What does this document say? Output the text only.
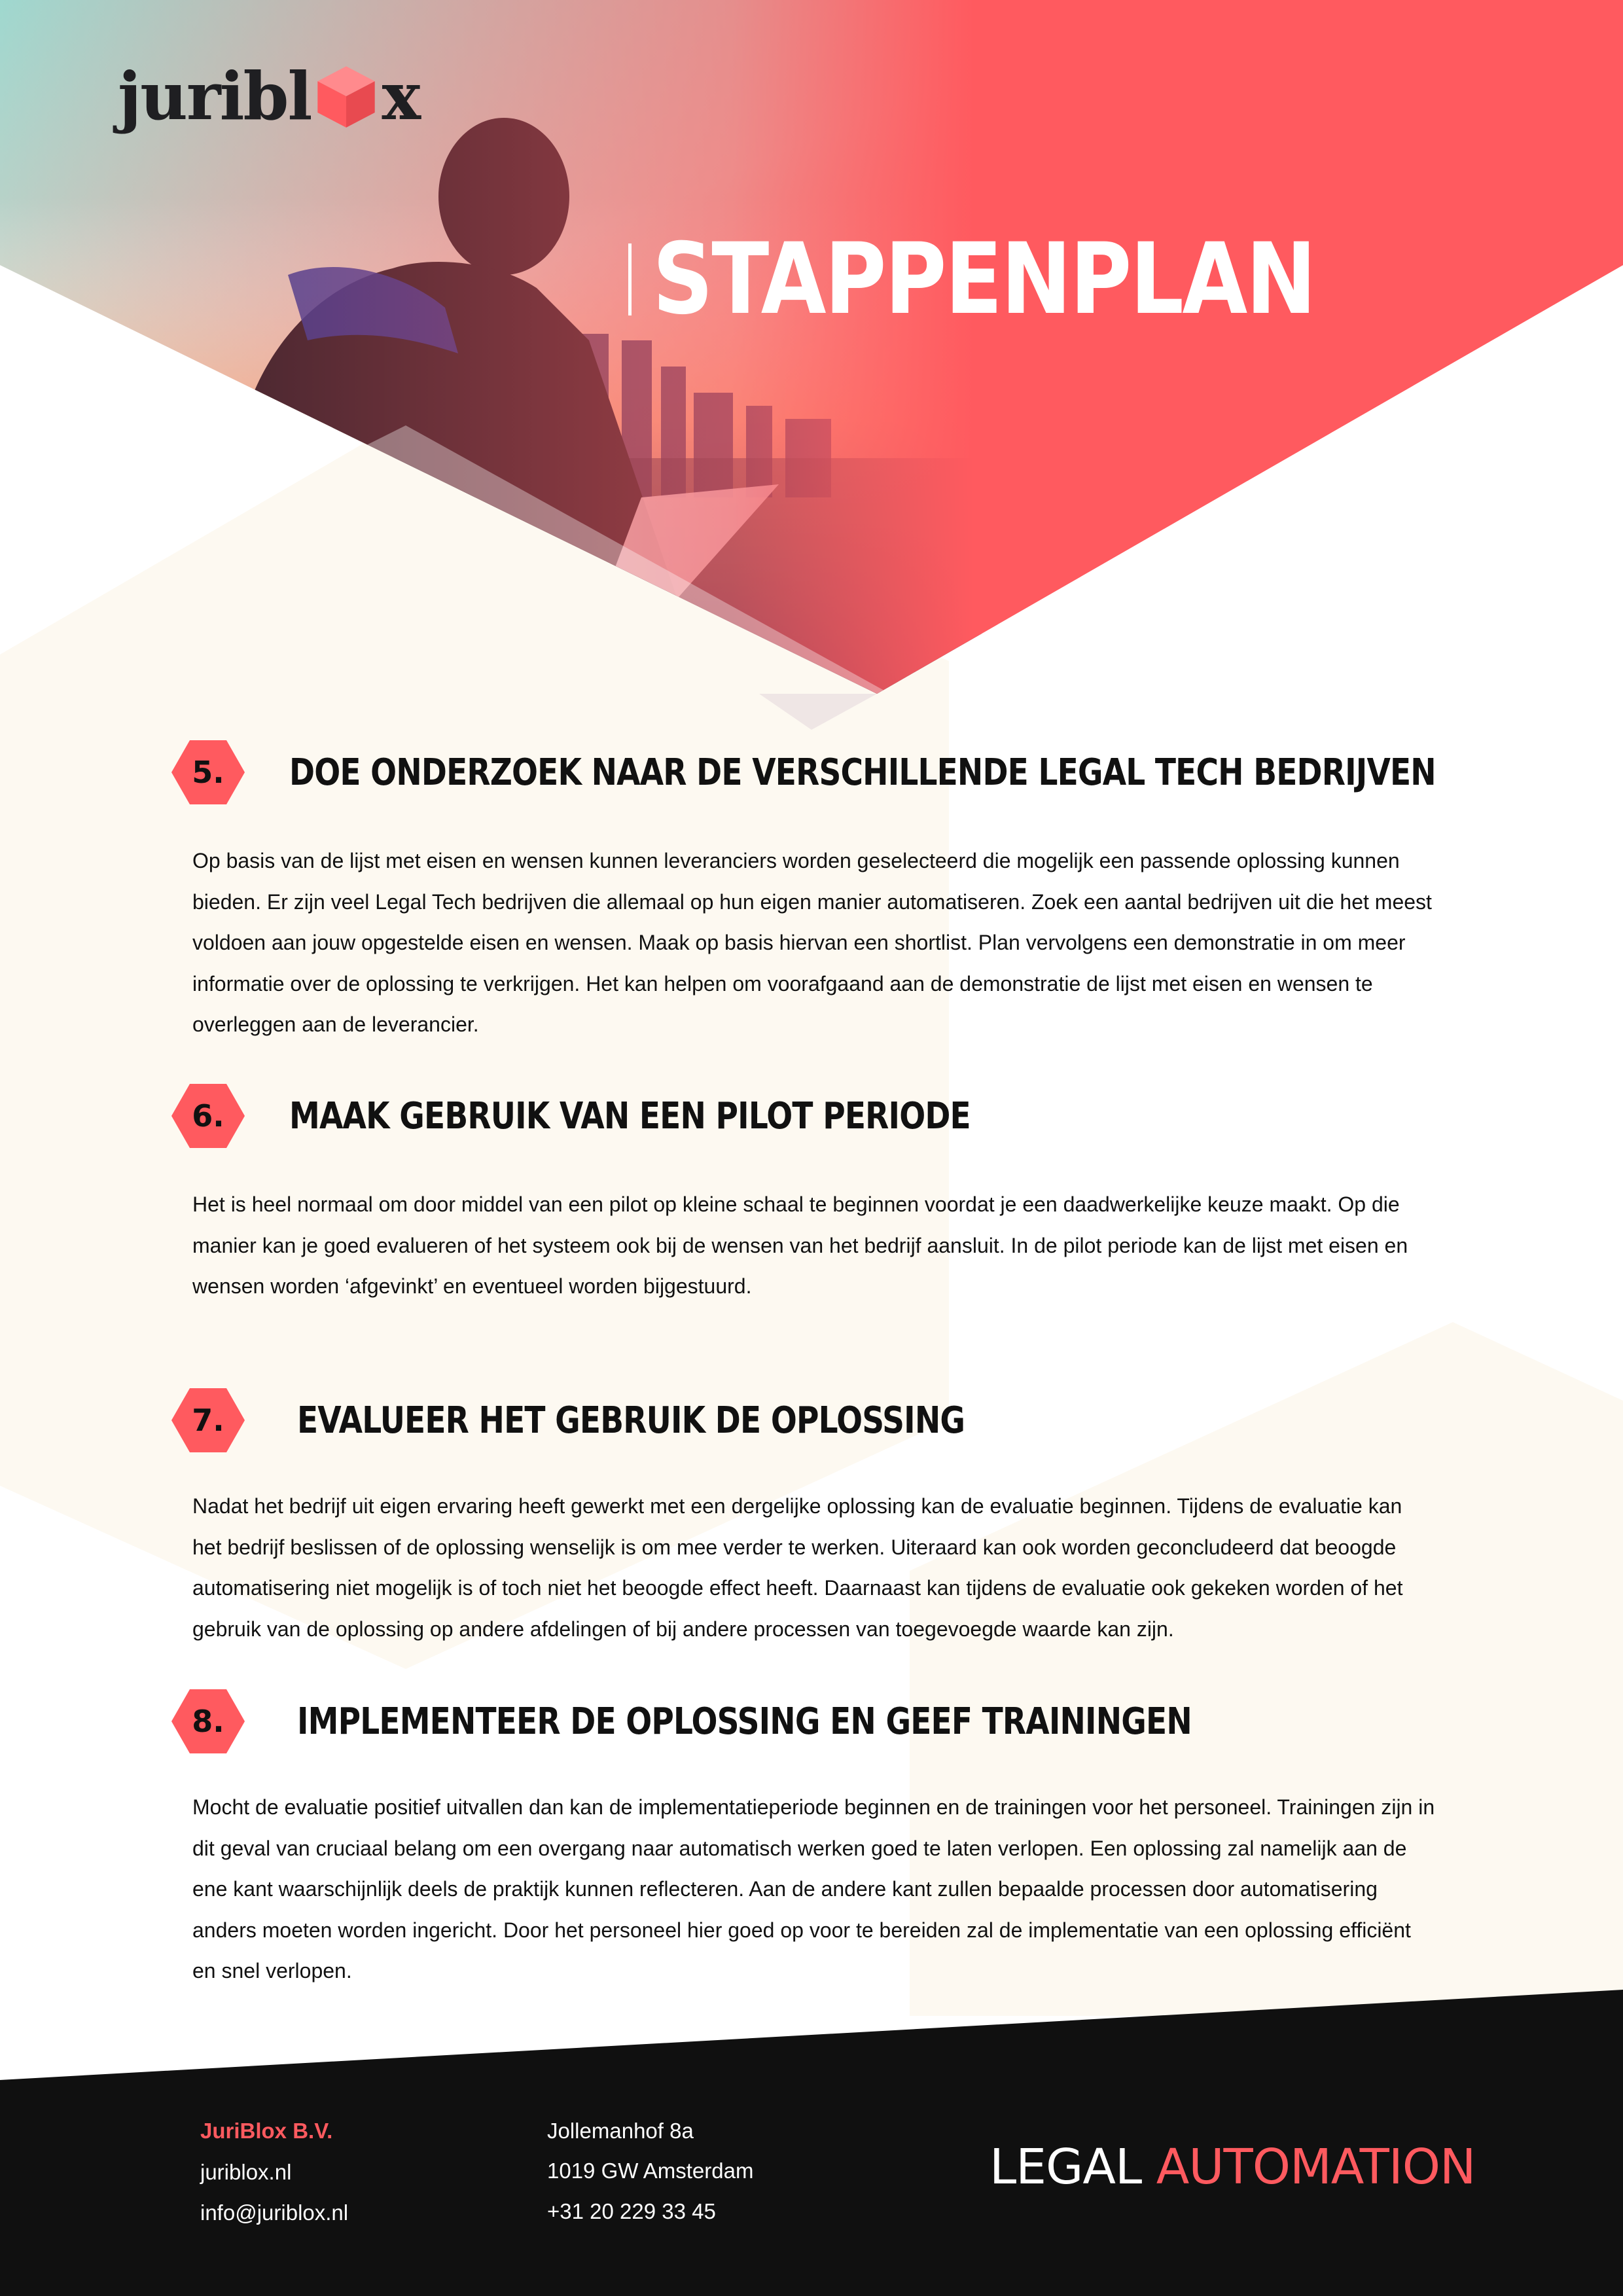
jurib l x
STAPPENPLAN
5. DOE ONDERZOEK NAAR DE VERSCHILLENDE LEGAL TECH BEDRIJVEN
Op basis van de lijst met eisen en wensen kunnen leveranciers worden geselecteerd die mogelijk een passende oplossing kunnen bieden. Er zijn veel Legal Tech bedrijven die allemaal op hun eigen manier automatiseren. Zoek een aantal bedrijven uit die het meest voldoen aan jouw opgestelde eisen en wensen. Maak op basis hiervan een shortlist. Plan vervolgens een demonstratie in om meer informatie over de oplossing te verkrijgen. Het kan helpen om voorafgaand aan de demonstratie de lijst met eisen en wensen te overleggen aan de leverancier.
6. MAAK GEBRUIK VAN EEN PILOT PERIODE
Het is heel normaal om door middel van een pilot op kleine schaal te beginnen voordat je een daadwerkelijke keuze maakt. Op die manier kan je goed evalueren of het systeem ook bij de wensen van het bedrijf aansluit. In de pilot periode kan de lijst met eisen en wensen worden ‘afgevinkt’ en eventueel worden bijgestuurd.
7. EVALUEER HET GEBRUIK DE OPLOSSING
Nadat het bedrijf uit eigen ervaring heeft gewerkt met een dergelijke oplossing kan de evaluatie beginnen. Tijdens de evaluatie kan het bedrijf beslissen of de oplossing wenselijk is om mee verder te werken. Uiteraard kan ook worden geconcludeerd dat beoogde automatisering niet mogelijk is of toch niet het beoogde effect heeft. Daarnaast kan tijdens de evaluatie ook gekeken worden of het gebruik van de oplossing op andere afdelingen of bij andere processen van toegevoegde waarde kan zijn.
8. IMPLEMENTEER DE OPLOSSING EN GEEF TRAININGEN
Mocht de evaluatie positief uitvallen dan kan de implementatieperiode beginnen en de trainingen voor het personeel. Trainingen zijn in dit geval van cruciaal belang om een overgang naar automatisch werken goed te laten verlopen. Een oplossing zal namelijk aan de ene kant waarschijnlijk deels de praktijk kunnen reflecteren. Aan de andere kant zullen bepaalde processen door automatisering anders moeten worden ingericht. Door het personeel hier goed op voor te bereiden zal de implementatie van een oplossing efficiënt en snel verlopen.
JuriBlox B.V.
juriblox.nl
info@juriblox.nl
Jollemanhof 8a
1019 GW Amsterdam
+31 20 229 33 45
LEGAL AUTOMATION
